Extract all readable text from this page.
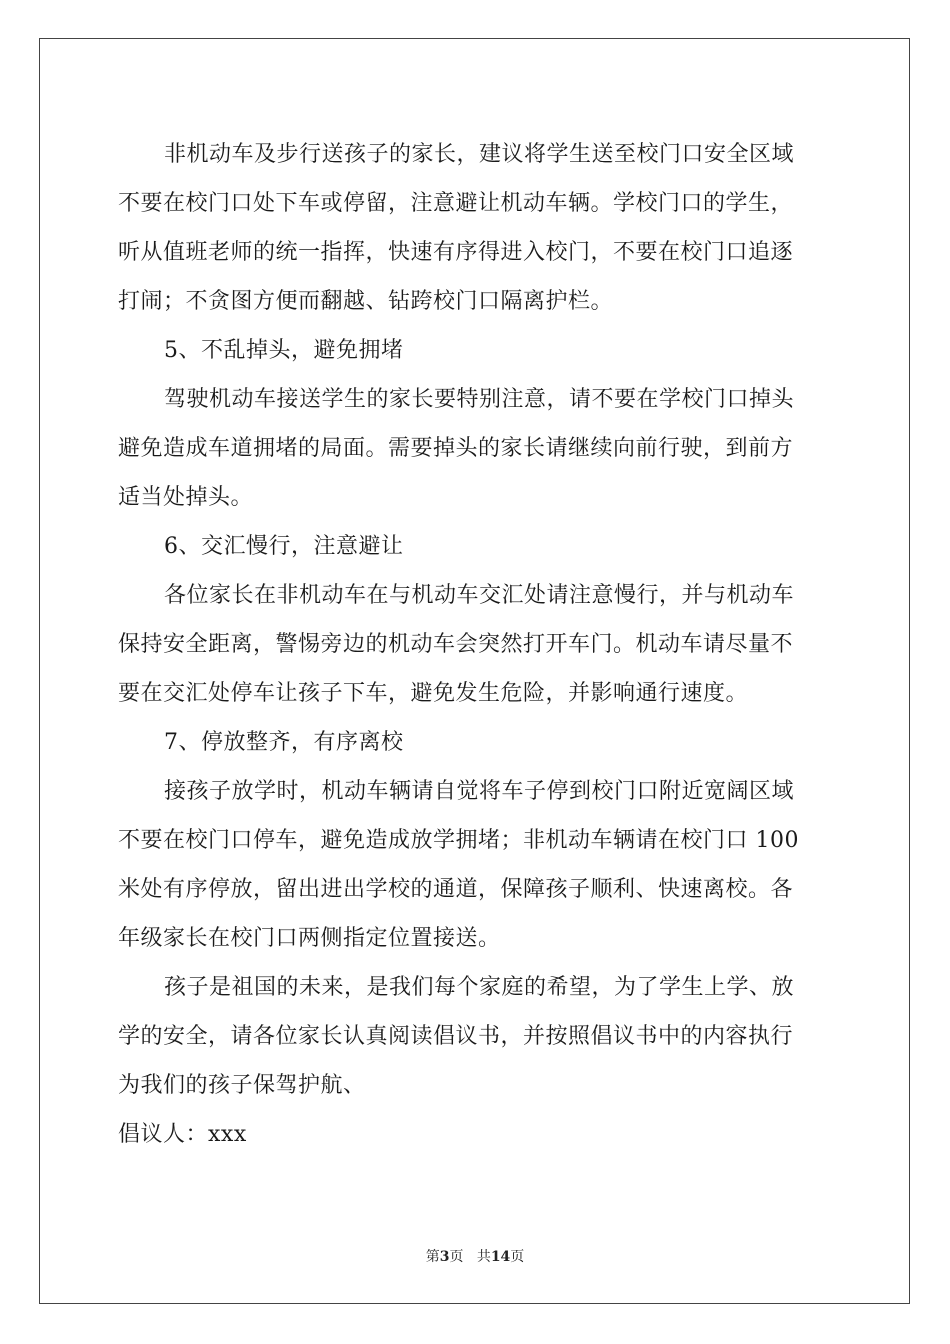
非机动车及步行送孩子的家长，建议将学生送至校门口安全区域
不要在校门口处下车或停留，注意避让机动车辆。学校门口的学生，
听从值班老师的统一指挥，快速有序得进入校门，不要在校门口追逐
打闹；不贪图方便而翻越、钻跨校门口隔离护栏。
5、不乱掉头，避免拥堵
驾驶机动车接送学生的家长要特别注意，请不要在学校门口掉头
避免造成车道拥堵的局面。需要掉头的家长请继续向前行驶，到前方
适当处掉头。
6、交汇慢行，注意避让
各位家长在非机动车在与机动车交汇处请注意慢行，并与机动车
保持安全距离，警惕旁边的机动车会突然打开车门。机动车请尽量不
要在交汇处停车让孩子下车，避免发生危险，并影响通行速度。
7、停放整齐，有序离校
接孩子放学时，机动车辆请自觉将车子停到校门口附近宽阔区域
不要在校门口停车，避免造成放学拥堵；非机动车辆请在校门口 100
米处有序停放，留出进出学校的通道，保障孩子顺利、快速离校。各
年级家长在校门口两侧指定位置接送。
孩子是祖国的未来，是我们每个家庭的希望，为了学生上学、放
学的安全，请各位家长认真阅读倡议书，并按照倡议书中的内容执行
为我们的孩子保驾护航、
倡议人：xxx
第3页 共14页
